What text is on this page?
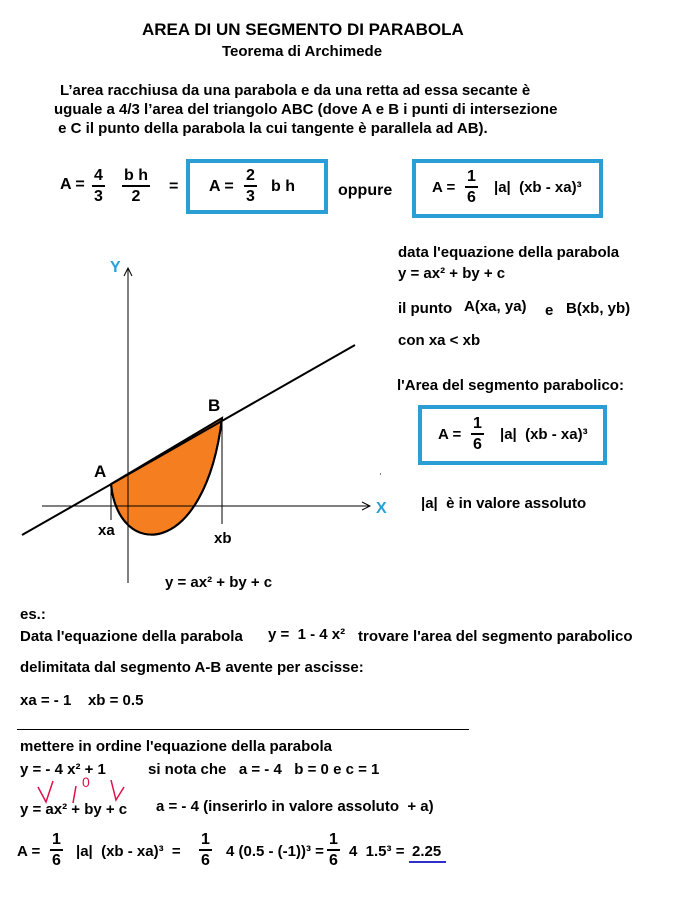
AREA DI UN SEGMENTO DI PARABOLA
Teorema di Archimede
L’area racchiusa da una parabola e da una retta ad essa secante è
uguale a 4/3 l’area del triangolo ABC (dove A e B i punti di intersezione
e C il punto della parabola la cui tangente è parallela ad AB).
$A = \frac{4}{3} \frac{\text{b h}}{2} = A = \frac{2}{3}$ b h	oppure	$A = \frac{1}{6} |a|$  (xb - xa)³
Y
X
A
B
xa	xb
y = ax² + by + c
data l'equazione della parabola
y = ax² + by + c
il punto A(xa, ya) e B(xb, yb)
con xa < xb
l'Area del segmento parabolico:
$A = \frac{1}{6} |a|$  (xb - xa)³
|a|  è in valore assoluto
es.:
Data l'equazione della parabola y =  1 - 4 x² trovare l'area del segmento parabolico
delimitata dal segmento A-B avente per ascisse:
xa = - 1    xb = 0.5
mettere in ordine l'equazione della parabola
y = - 4 x² + 1	si nota che   a = - 4   b = 0 e c = 1
y = ax² + by + c a = - 4 (inserirlo in valore assoluto  + a)
0
$A = \frac{1}{6} |a|$  $(xb - xa)^3 = \frac{1}{6} 4$ $(0.5 - (-1))^3 = \frac{1}{6} 4$  1.5³ = 2.25
